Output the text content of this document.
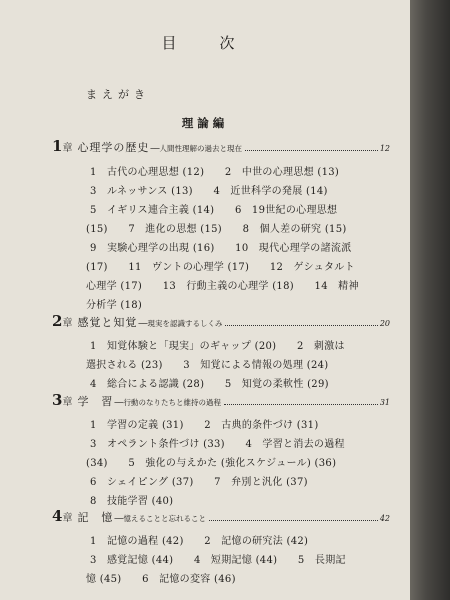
目　次
まえがき
理論編
1 章 心理学の歴史 ──人間性理解の過去と現在	12
1　古代の心理思想 (12)　　2　中世の心理思想 (13)
3　ルネッサンス (13)　　4　近世科学の発展 (14)
5　イギリス連合主義 (14)　　6　19世紀の心理思想
(15)　　7　進化の思想 (15)　　8　個人差の研究 (15)
9　実験心理学の出現 (16)　　10　現代心理学の諸流派
(17)　　11　ヴントの心理学 (17)　　12　ゲシュタルト
心理学 (17)　　13　行動主義の心理学 (18)　　14　精神
分析学 (18)
2 章 感覚と知覚 ──現実を認識するしくみ	20
1　知覚体験と「現実」のギャップ (20)　　2　刺激は
選択される (23)　　3　知覚による情報の処理 (24)
4　総合による認識 (28)　　5　知覚の柔軟性 (29)
3 章 学　習 ──行動のなりたちと維持の過程	31
1　学習の定義 (31)　　2　古典的条件づけ (31)
3　オペラント条件づけ (33)　　4　学習と消去の過程
(34)　　5　強化の与えかた (強化スケジュール) (36)
6　シェイピング (37)　　7　弁別と汎化 (37)
8　技能学習 (40)
4 章 記　憶 ──憶えることと忘れること	42
1　記憶の過程 (42)　　2　記憶の研究法 (42)
3　感覚記憶 (44)　　4　短期記憶 (44)　　5　長期記
憶 (45)　　6　記憶の変容 (46)
